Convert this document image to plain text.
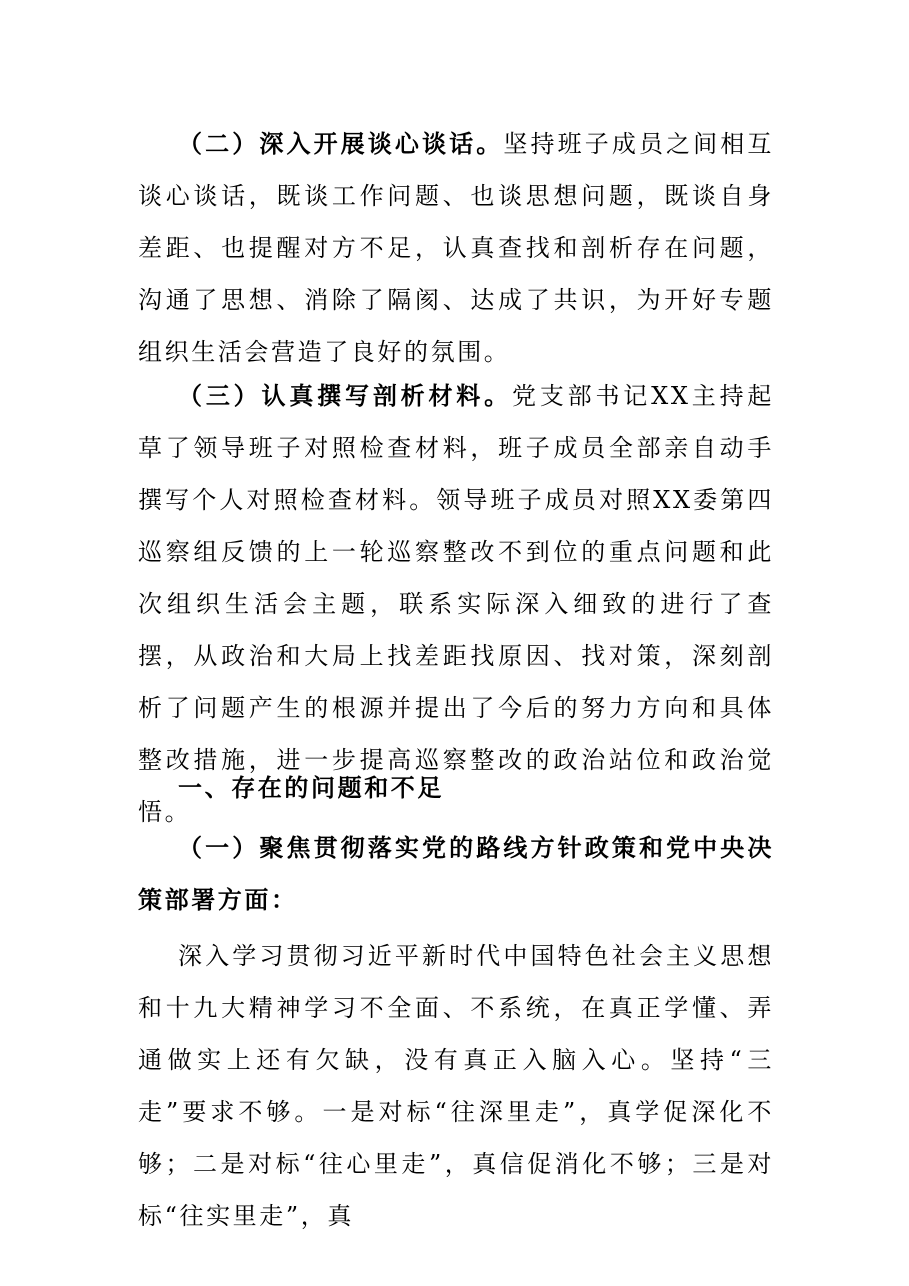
（二）深入开展谈心谈话。坚持班子成员之间相互谈心谈话，既谈工作问题、也谈思想问题，既谈自身差距、也提醒对方不足，认真查找和剖析存在问题，沟通了思想、消除了隔阂、达成了共识，为开好专题组织生活会营造了良好的氛围。

（三）认真撰写剖析材料。党支部书记XX主持起草了领导班子对照检查材料，班子成员全部亲自动手撰写个人对照检查材料。领导班子成员对照XX委第四巡察组反馈的上一轮巡察整改不到位的重点问题和此次组织生活会主题，联系实际深入细致的进行了查摆，从政治和大局上找差距找原因、找对策，深刻剖析了问题产生的根源并提出了今后的努力方向和具体整改措施，进一步提高巡察整改的政治站位和政治觉悟。

一、存在的问题和不足

（一）聚焦贯彻落实党的路线方针政策和党中央决策部署方面：

深入学习贯彻习近平新时代中国特色社会主义思想和十九大精神学习不全面、不系统，在真正学懂、弄通做实上还有欠缺，没有真正入脑入心。坚持“三走”要求不够。一是对标“往深里走”，真学促深化不够；二是对标“往心里走”，真信促消化不够；三是对标“往实里走”，真
